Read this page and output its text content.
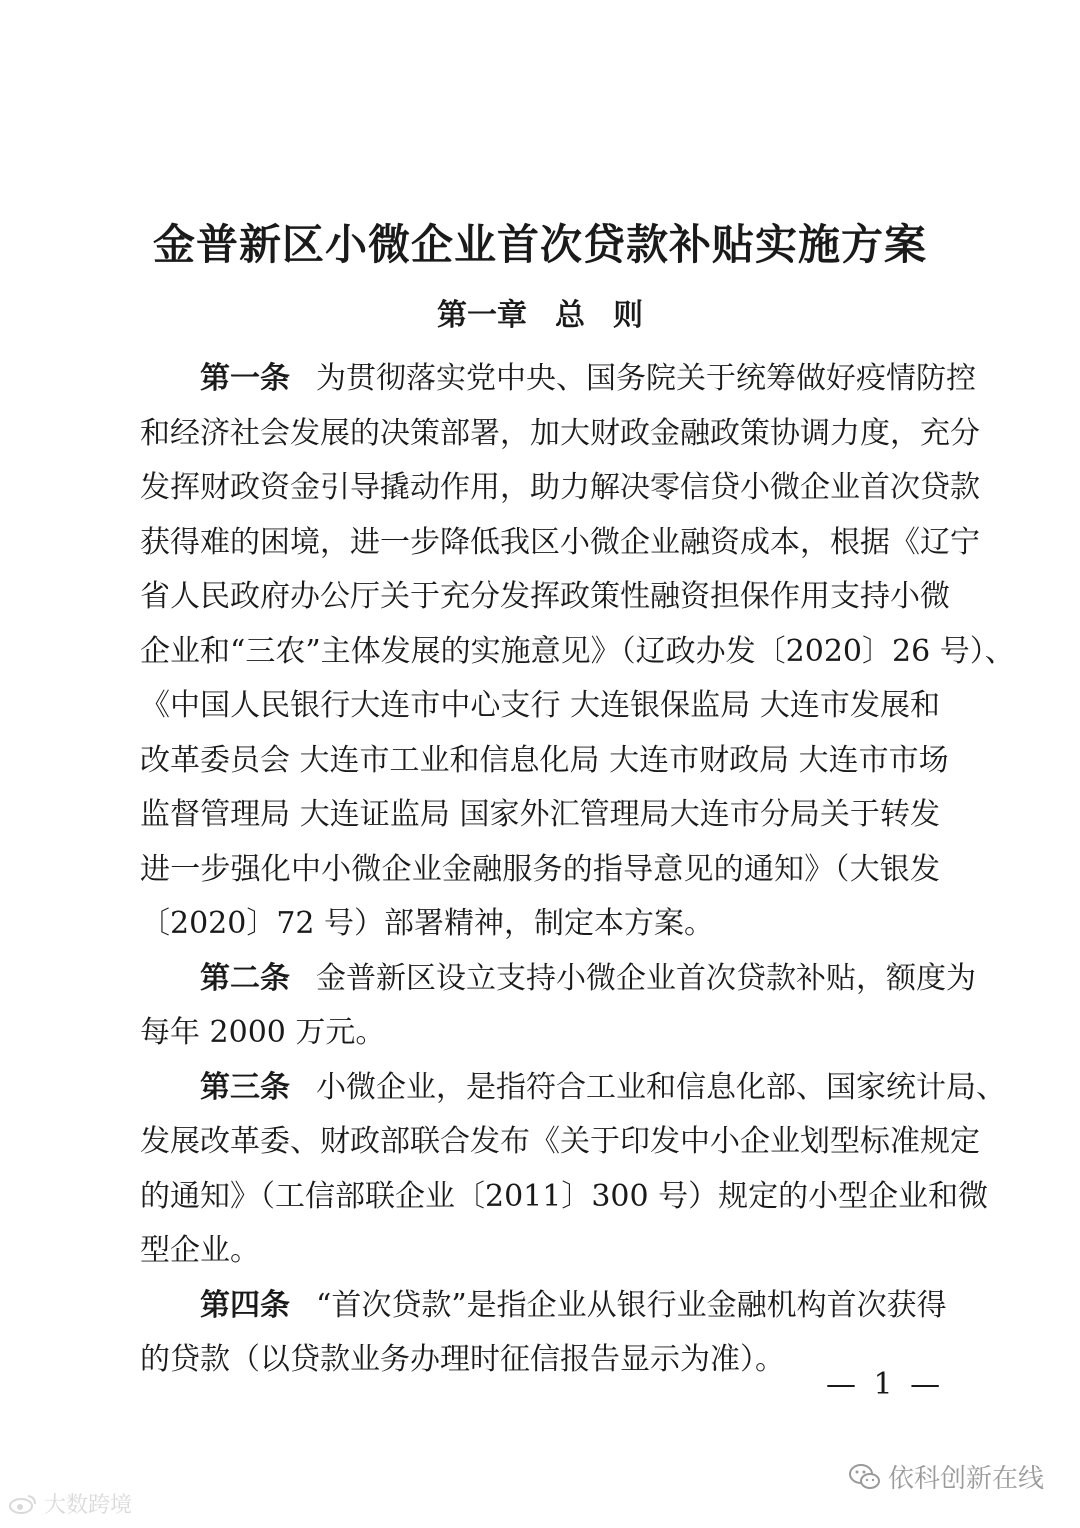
金普新区小微企业首次贷款补贴实施方案
第一章 总 则
第一条 为贯彻落实党中央、国务院关于统筹做好疫情防控
和经济社会发展的决策部署，加大财政金融政策协调力度，充分
发挥财政资金引导撬动作用，助力解决零信贷小微企业首次贷款
获得难的困境，进一步降低我区小微企业融资成本，根据《辽宁
省人民政府办公厅关于充分发挥政策性融资担保作用支持小微
企业和“三农”主体发展的实施意见》（辽政办发〔2020〕26 号）、
《中国人民银行大连市中心支行 大连银保监局 大连市发展和
改革委员会 大连市工业和信息化局 大连市财政局 大连市市场
监督管理局 大连证监局 国家外汇管理局大连市分局关于转发
进一步强化中小微企业金融服务的指导意见的通知》（大银发
〔2020〕72 号）部署精神，制定本方案。
第二条 金普新区设立支持小微企业首次贷款补贴，额度为
每年 2000 万元。
第三条 小微企业，是指符合工业和信息化部、国家统计局、
发展改革委、财政部联合发布《关于印发中小企业划型标准规定
的通知》（工信部联企业〔2011〕300 号）规定的小型企业和微
型企业。
第四条 “首次贷款”是指企业从银行业金融机构首次获得
的贷款（以贷款业务办理时征信报告显示为准）。
— 1 —
大数跨境
依科创新在线
